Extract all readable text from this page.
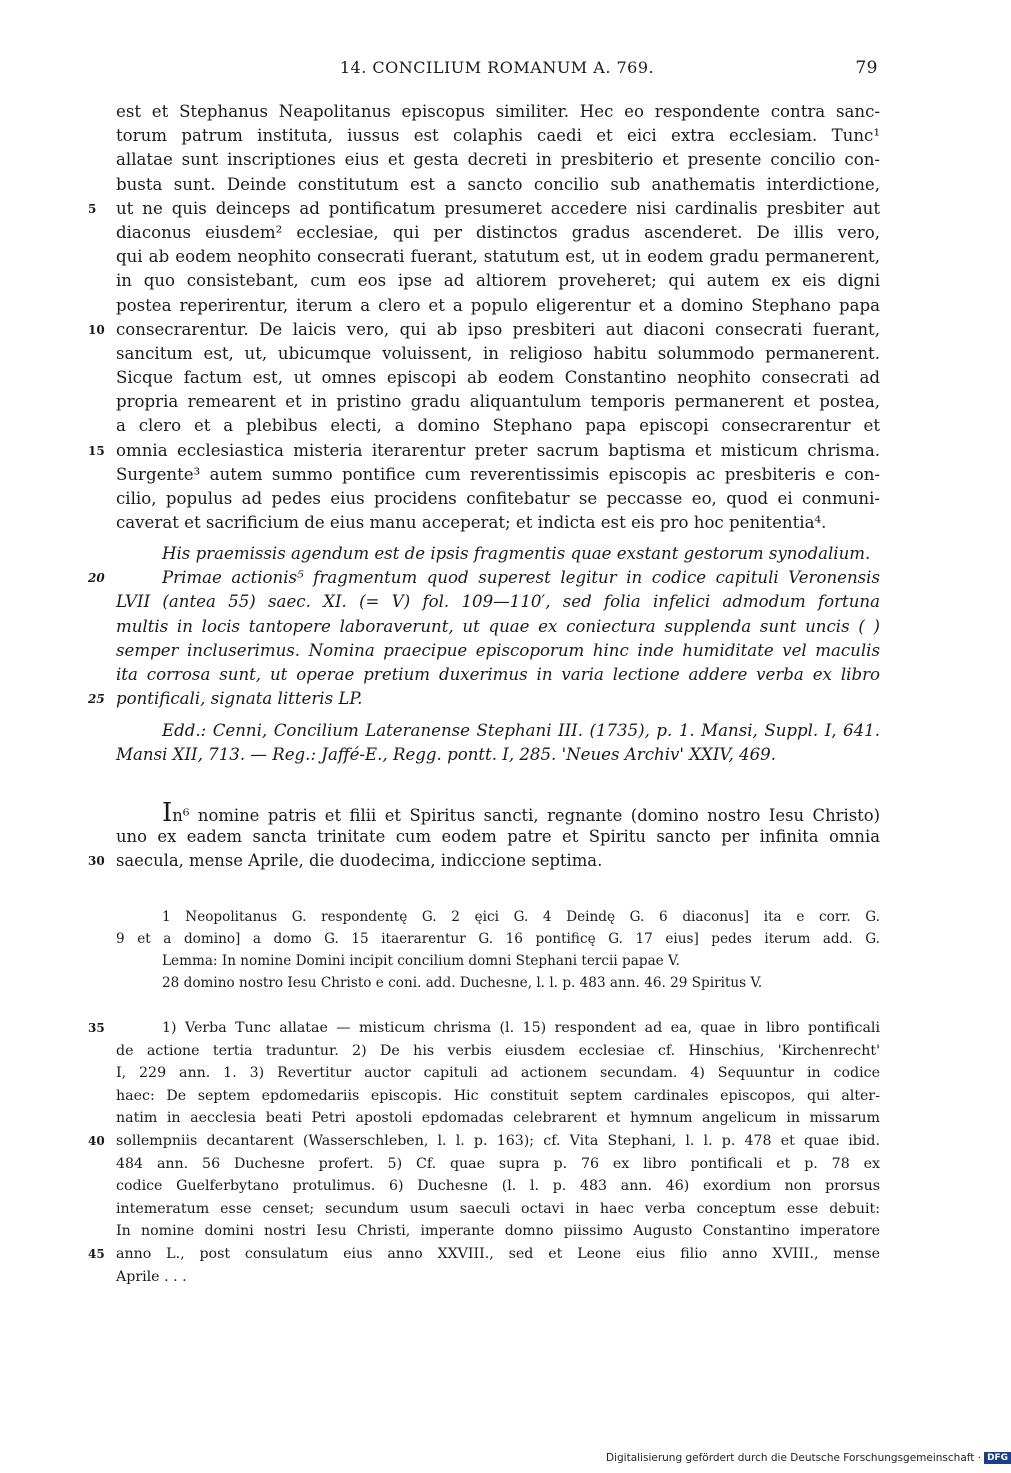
14. CONCILIUM ROMANUM A. 769.	79
est et Stephanus Neapolitanus episcopus similiter. Hec eo respondente contra sanc-
torum patrum instituta, iussus est colaphis caedi et eici extra ecclesiam. Tunc¹
allatae sunt inscriptiones eius et gesta decreti in presbiterio et presente concilio con-
busta sunt. Deinde constitutum est a sancto concilio sub anathematis interdictione,
5 ut ne quis deinceps ad pontificatum presumeret accedere nisi cardinalis presbiter aut
diaconus eiusdem² ecclesiae, qui per distinctos gradus ascenderet. De illis vero,
qui ab eodem neophito consecrati fuerant, statutum est, ut in eodem gradu permanerent,
in quo consistebant, cum eos ipse ad altiorem proveheret; qui autem ex eis digni
postea reperirentur, iterum a clero et a populo eligerentur et a domino Stephano papa
10 consecrarentur. De laicis vero, qui ab ipso presbiteri aut diaconi consecrati fuerant,
sancitum est, ut, ubicumque voluissent, in religioso habitu solummodo permanerent.
Sicque factum est, ut omnes episcopi ab eodem Constantino neophito consecrati ad
propria remearent et in pristino gradu aliquantulum temporis permanerent et postea,
a clero et a plebibus electi, a domino Stephano papa episcopi consecrarentur et
15 omnia ecclesiastica misteria iterarentur preter sacrum baptisma et misticum chrisma.
Surgente³ autem summo pontifice cum reverentissimis episcopis ac presbiteris e con-
cilio, populus ad pedes eius procidens confitebatur se peccasse eo, quod ei conmuni-
caverat et sacrificium de eius manu acceperat; et indicta est eis pro hoc penitentia⁴.
His praemissis agendum est de ipsis fragmentis quae exstant gestorum synodalium.
20	Primae actionis⁵ fragmentum quod superest legitur in codice capituli Veronensis
LVII (antea 55) saec. XI. (= V) fol. 109—110′, sed folia infelici admodum fortuna
multis in locis tantopere laboraverunt, ut quae ex coniectura supplenda sunt uncis ( )
semper incluserimus. Nomina praecipue episcoporum hinc inde humiditate vel maculis
ita corrosa sunt, ut operae pretium duxerimus in varia lectione addere verba ex libro
25 pontificali, signata litteris LP.
Edd.: Cenni, Concilium Lateranense Stephani III. (1735), p. 1. Mansi, Suppl. I, 641.
Mansi XII, 713. — Reg.: Jaffé-E., Regg. pontt. I, 285. 'Neues Archiv' XXIV, 469.
In⁶ nomine patris et filii et Spiritus sancti, regnante (domino nostro Iesu Christo)
uno ex eadem sancta trinitate cum eodem patre et Spiritu sancto per infinita omnia
30 saecula, mense Aprile, die duodecima, indiccione septima.
1 Neopolitanus G. respondentę G. 2 ęici G. 4 Deindę G. 6 diaconus] ita e corr. G.
9 et a domino] a domo G. 15 itaerarentur G. 16 pontificę G. 17 eius] pedes iterum add. G.
Lemma: In nomine Domini incipit concilium domni Stephani tercii papae V.
28 domino nostro Iesu Christo e coni. add. Duchesne, l. l. p. 483 ann. 46. 29 Spiritus V.
35	1) Verba Tunc allatae — misticum chrisma (l. 15) respondent ad ea, quae in libro pontificali
de actione tertia traduntur. 2) De his verbis eiusdem ecclesiae cf. Hinschius, 'Kirchenrecht'
I, 229 ann. 1. 3) Revertitur auctor capituli ad actionem secundam. 4) Sequuntur in codice
haec: De septem epdomedariis episcopis. Hic constituit septem cardinales episcopos, qui alter-
natim in aecclesia beati Petri apostoli epdomadas celebrarent et hymnum angelicum in missarum
40 sollempniis decantarent (Wasserschleben, l. l. p. 163); cf. Vita Stephani, l. l. p. 478 et quae ibid.
484 ann. 56 Duchesne profert. 5) Cf. quae supra p. 76 ex libro pontificali et p. 78 ex
codice Guelferbytano protulimus. 6) Duchesne (l. l. p. 483 ann. 46) exordium non prorsus
intemeratum esse censet; secundum usum saeculi octavi in haec verba conceptum esse debuit:
In nomine domini nostri Iesu Christi, imperante domno piissimo Augusto Constantino imperatore
45 anno L., post consulatum eius anno XXVIII., sed et Leone eius filio anno XVIII., mense
Aprile . . .
Digitalisierung gefördert durch die Deutsche Forschungsgemeinschaft · DFG
